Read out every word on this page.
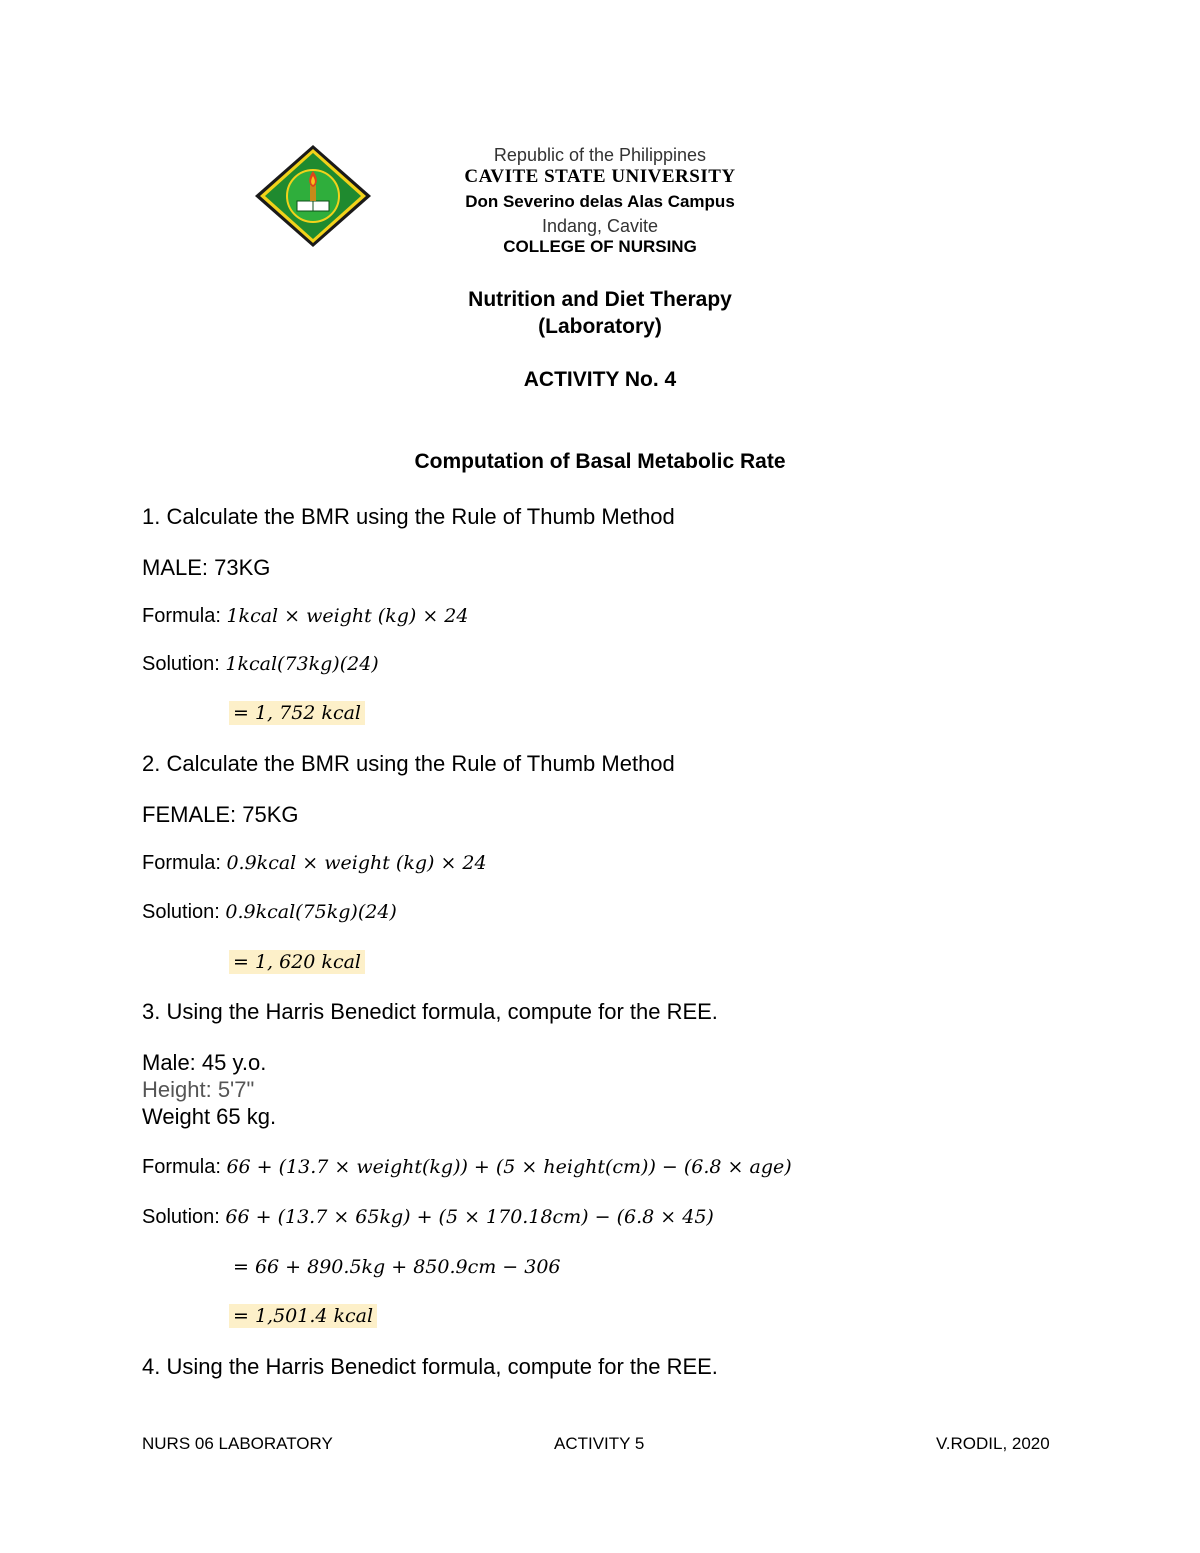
Republic of the Philippines
CAVITE STATE UNIVERSITY
Don Severino delas Alas Campus
Indang, Cavite
COLLEGE OF NURSING
Nutrition and Diet Therapy
(Laboratory)
ACTIVITY No. 4
Computation of Basal Metabolic Rate
1. Calculate the BMR using the Rule of Thumb Method
MALE: 73KG
Formula: 1kcal × weight (kg) × 24
Solution: 1kcal(73kg)(24)
= 1, 752 kcal
2. Calculate the BMR using the Rule of Thumb Method
FEMALE: 75KG
Formula: 0.9kcal × weight (kg) × 24
Solution: 0.9kcal(75kg)(24)
= 1, 620 kcal
3. Using the Harris Benedict formula, compute for the REE.
Male: 45 y.o.
Height: 5'7"
Weight 65 kg.
Formula: 66 + (13.7 × weight(kg)) + (5 × height(cm)) − (6.8 × age)
Solution: 66 + (13.7 × 65kg) + (5 × 170.18cm) − (6.8 × 45)
= 66 + 890.5kg + 850.9cm − 306
= 1,501.4 kcal
4. Using the Harris Benedict formula, compute for the REE.
NURS 06 LABORATORY	ACTIVITY 5	V.RODIL, 2020
